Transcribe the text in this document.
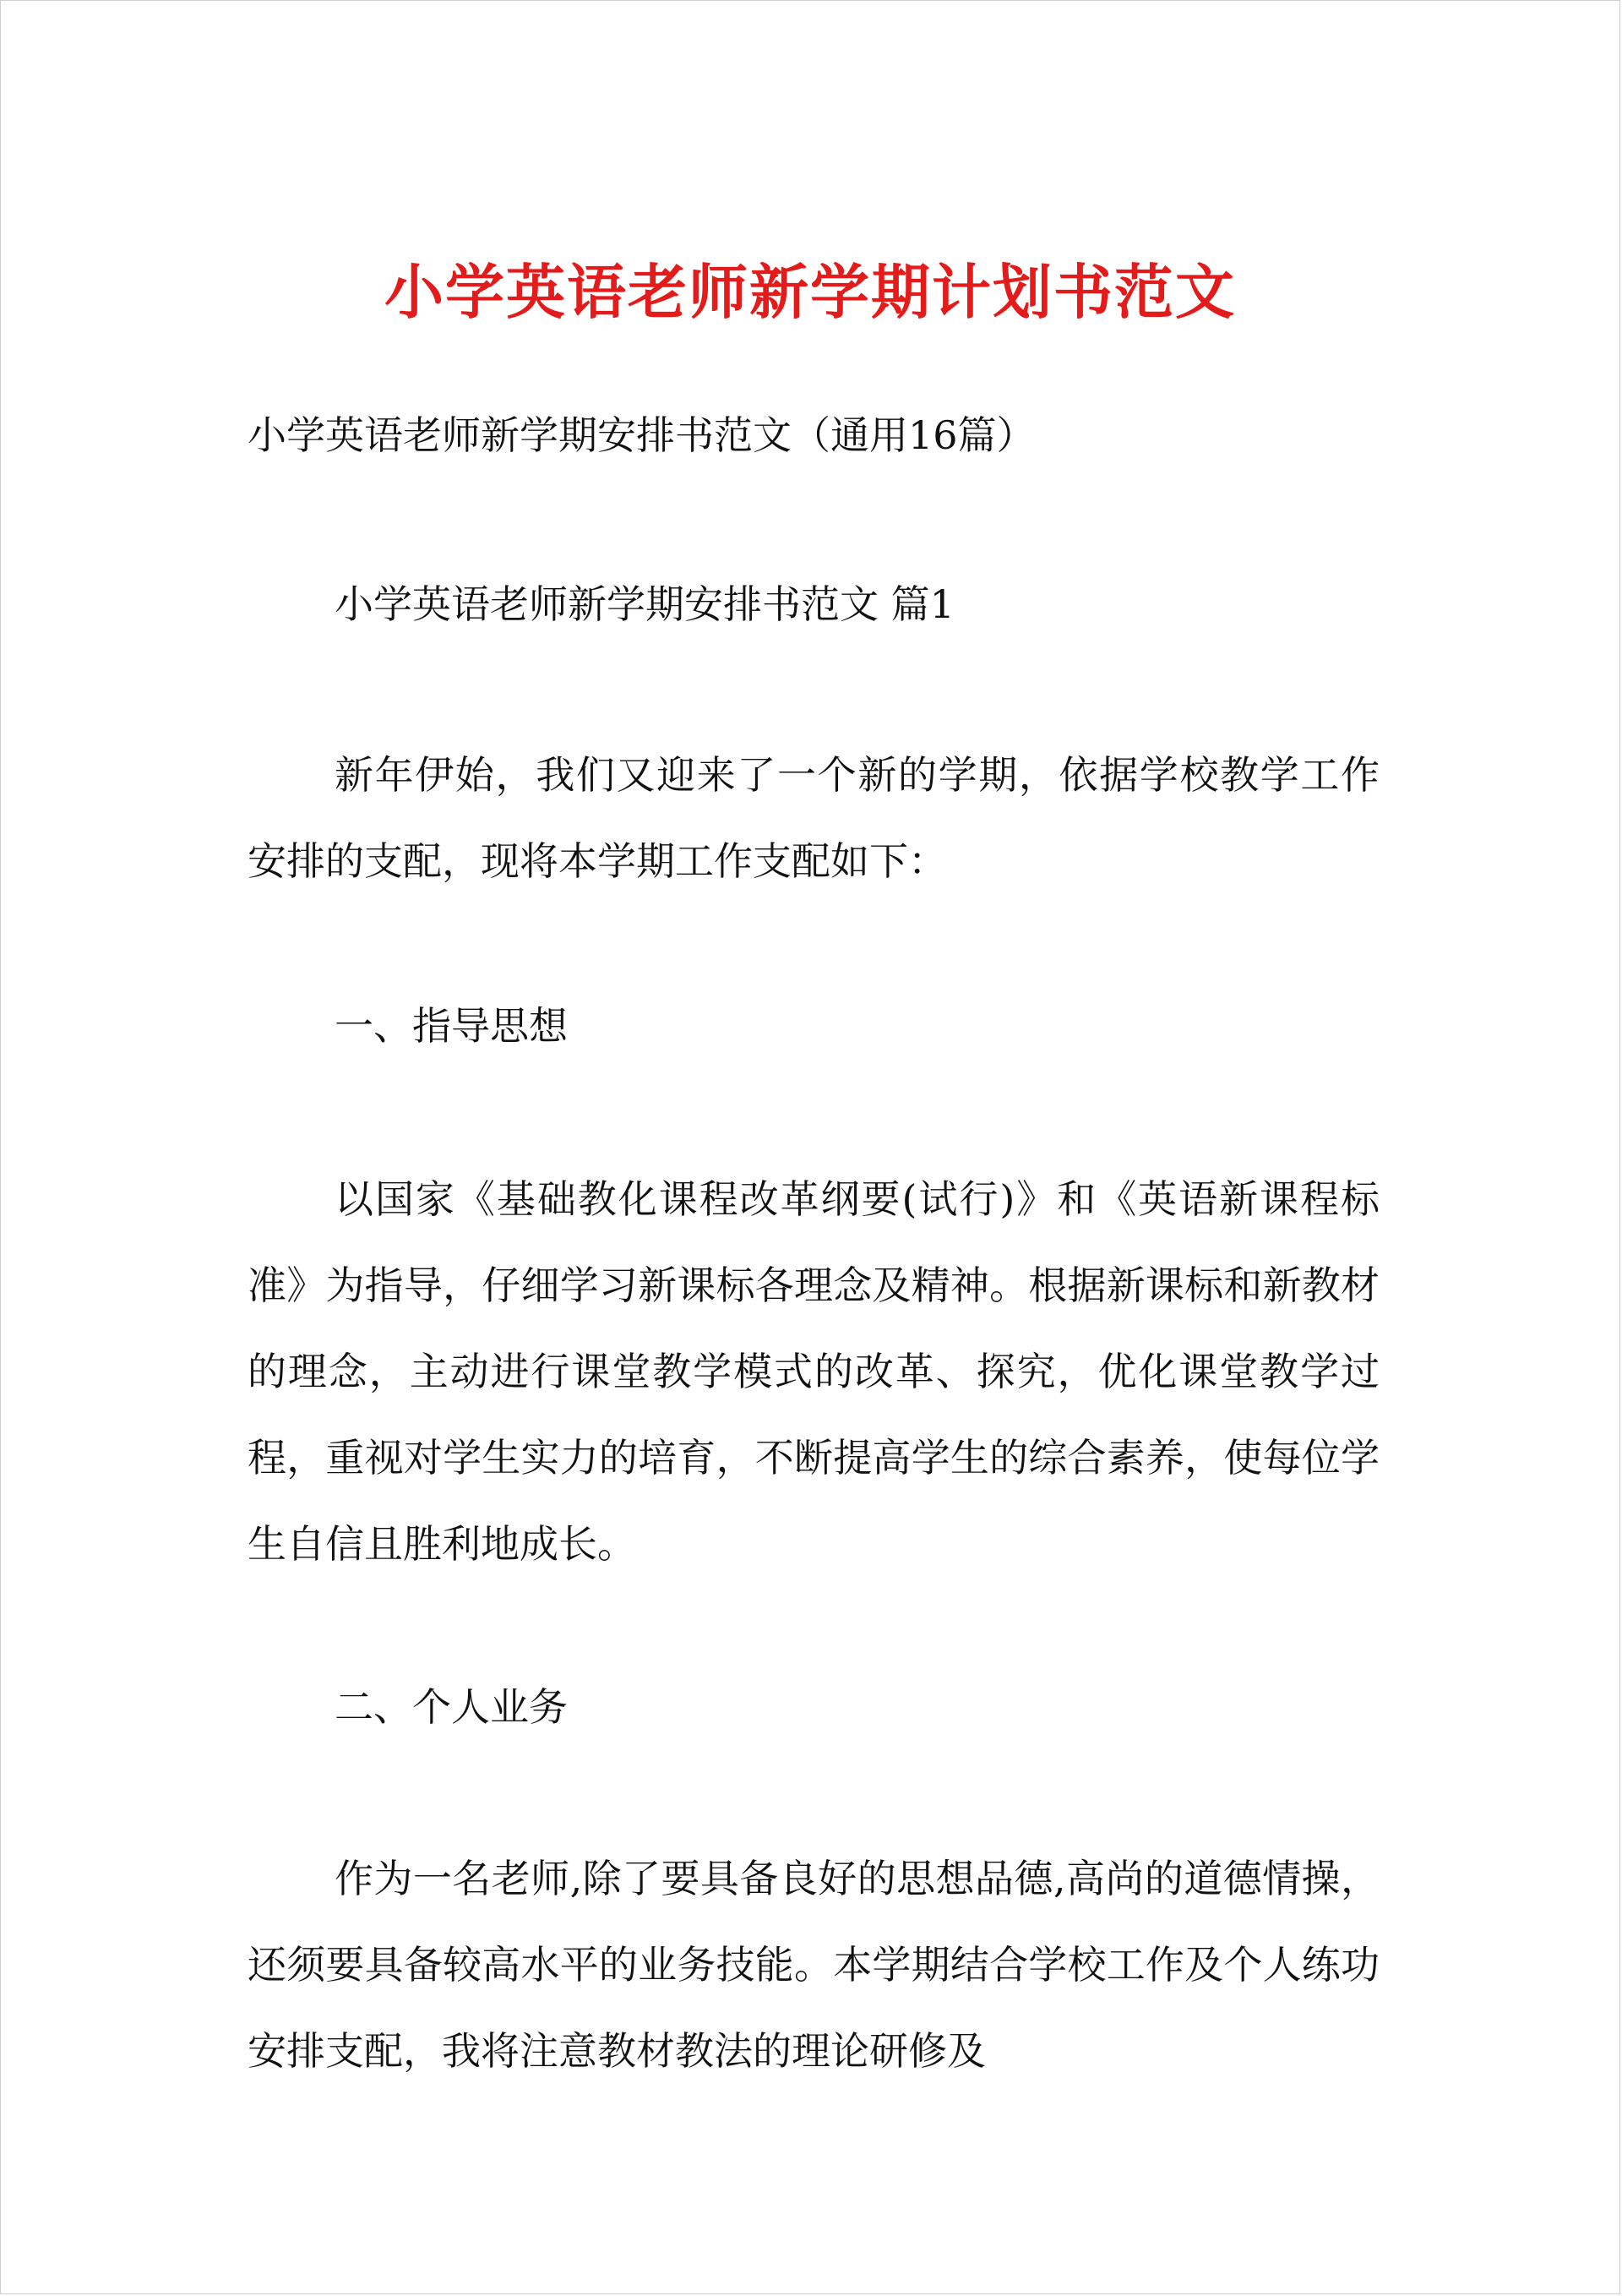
小学英语老师新学期计划书范文
小学英语老师新学期安排书范文（通用16篇）
小学英语老师新学期安排书范文 篇1
新年伊始，我们又迎来了一个新的学期，依据学校教学工作安排的支配，现将本学期工作支配如下：
一、指导思想
以国家《基础教化课程改革纲要(试行)》和《英语新课程标准》为指导，仔细学习新课标各理念及精神。根据新课标和新教材的理念，主动进行课堂教学模式的改革、探究，优化课堂教学过程，重视对学生实力的培育，不断提高学生的综合素养，使每位学生自信且胜利地成长。
二、个人业务
作为一名老师,除了要具备良好的思想品德,高尚的道德情操，还须要具备较高水平的业务技能。本学期结合学校工作及个人练功安排支配，我将注意教材教法的理论研修及
